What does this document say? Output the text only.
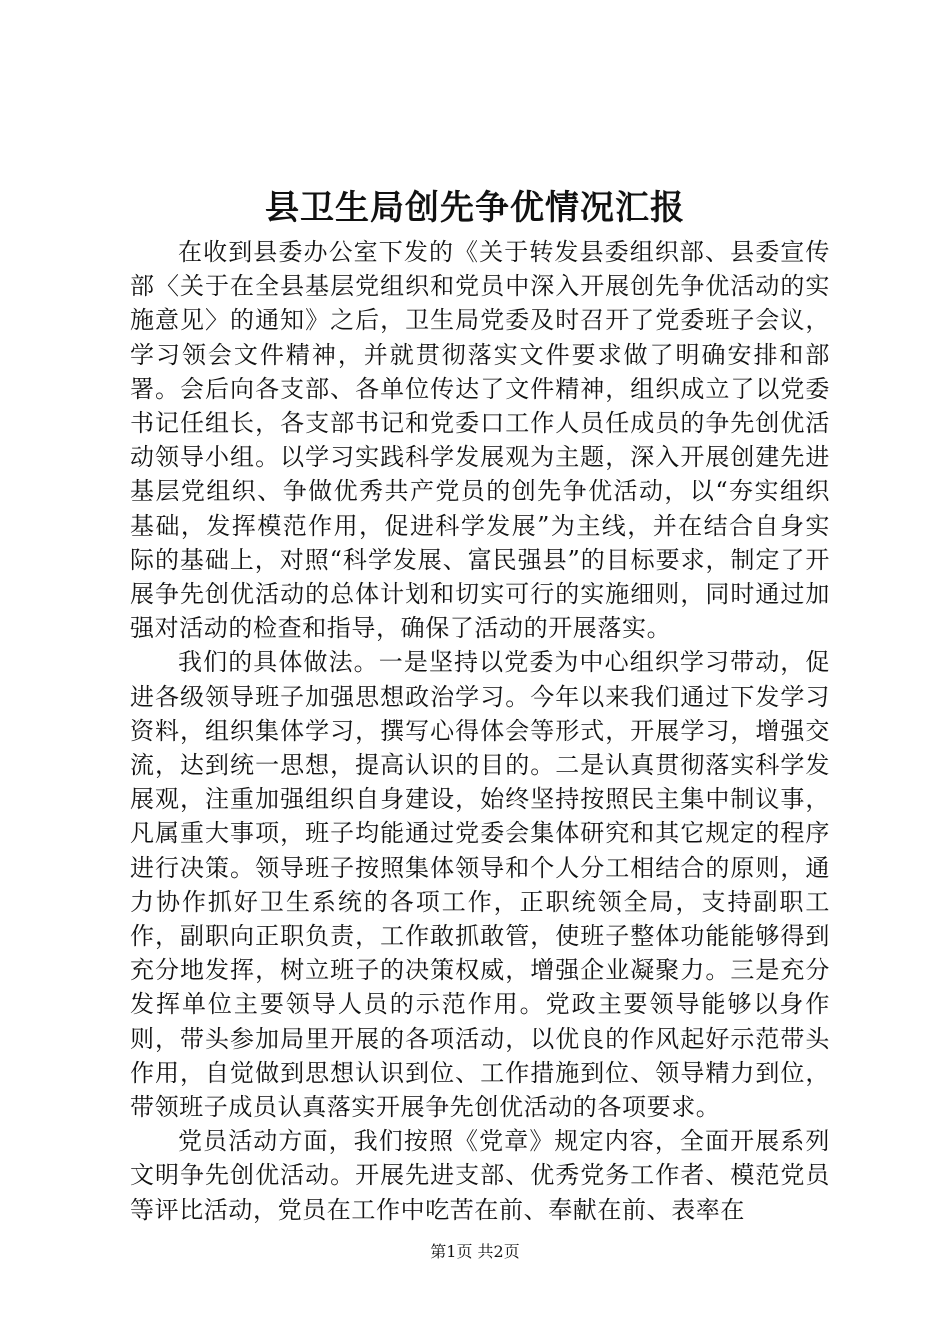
县卫生局创先争优情况汇报

在收到县委办公室下发的《关于转发县委组织部、县委宣传部〈关于在全县基层党组织和党员中深入开展创先争优活动的实施意见〉的通知》之后，卫生局党委及时召开了党委班子会议，学习领会文件精神，并就贯彻落实文件要求做了明确安排和部署。会后向各支部、各单位传达了文件精神，组织成立了以党委书记任组长，各支部书记和党委口工作人员任成员的争先创优活动领导小组。以学习实践科学发展观为主题，深入开展创建先进基层党组织、争做优秀共产党员的创先争优活动，以“夯实组织基础，发挥模范作用，促进科学发展”为主线，并在结合自身实际的基础上，对照“科学发展、富民强县”的目标要求，制定了开展争先创优活动的总体计划和切实可行的实施细则，同时通过加强对活动的检查和指导，确保了活动的开展落实。

我们的具体做法。一是坚持以党委为中心组织学习带动，促进各级领导班子加强思想政治学习。今年以来我们通过下发学习资料，组织集体学习，撰写心得体会等形式，开展学习，增强交流，达到统一思想，提高认识的目的。二是认真贯彻落实科学发展观，注重加强组织自身建设，始终坚持按照民主集中制议事，凡属重大事项，班子均能通过党委会集体研究和其它规定的程序进行决策。领导班子按照集体领导和个人分工相结合的原则，通力协作抓好卫生系统的各项工作，正职统领全局，支持副职工作，副职向正职负责，工作敢抓敢管，使班子整体功能能够得到充分地发挥，树立班子的决策权威，增强企业凝聚力。三是充分发挥单位主要领导人员的示范作用。党政主要领导能够以身作则，带头参加局里开展的各项活动，以优良的作风起好示范带头作用，自觉做到思想认识到位、工作措施到位、领导精力到位，带领班子成员认真落实开展争先创优活动的各项要求。

党员活动方面，我们按照《党章》规定内容，全面开展系列文明争先创优活动。开展先进支部、优秀党务工作者、模范党员等评比活动，党员在工作中吃苦在前、奉献在前、表率在

第1页 共2页
